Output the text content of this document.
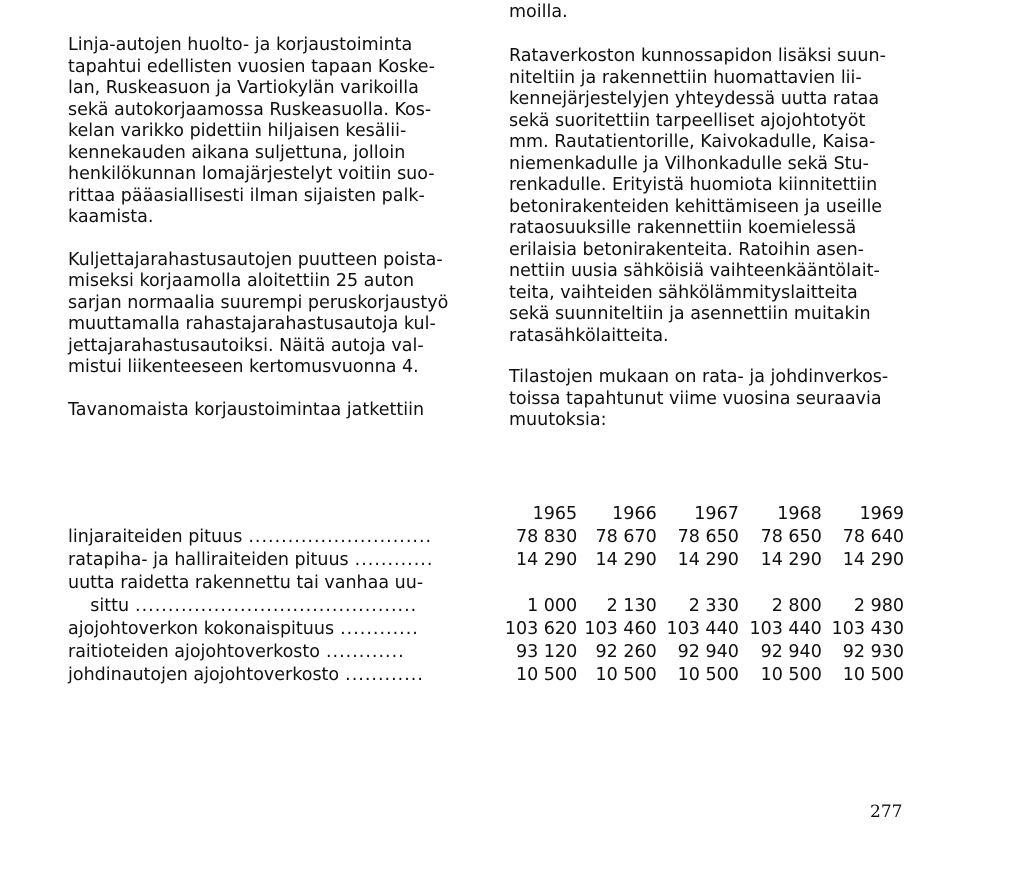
moilla.

Linja-autojen huolto- ja korjaustoiminta
tapahtui edellisten vuosien tapaan Koske-
lan, Ruskeasuon ja Vartiokylän varikoilla
sekä autokorjaamossa Ruskeasuolla. Kos-
kelan varikko pidettiin hiljaisen kesälii-
kennekauden aikana suljettuna, jolloin
henkilökunnan lomajärjestelyt voitiin suo-
rittaa pääasiallisesti ilman sijaisten palk-
kaamista.

Kuljettajarahastusautojen puutteen poista-
miseksi korjaamolla aloitettiin 25 auton
sarjan normaalia suurempi peruskorjaustyö
muuttamalla rahastajarahastusautoja kul-
jettajarahastusautoiksi. Näitä autoja val-
mistui liikenteeseen kertomusvuonna 4.

Tavanomaista korjaustoimintaa jatkettiin

Rataverkoston kunnossapidon lisäksi suun-
niteltiin ja rakennettiin huomattavien lii-
kennejärjestelyjen yhteydessä uutta rataa
sekä suoritettiin tarpeelliset ajojohtotyöt
mm. Rautatientorille, Kaivokadulle, Kaisa-
niemenkadulle ja Vilhonkadulle sekä Stu-
renkadulle. Erityistä huomiota kiinnitettiin
betonirakenteiden kehittämiseen ja useille
rataosuuksille rakennettiin koemielessä
erilaisia betonirakenteita. Ratoihin asen-
nettiin uusia sähköisiä vaihteenkääntölait-
teita, vaihteiden sähkölämmityslaitteita
sekä suunniteltiin ja asennettiin muitakin
ratasähkölaitteita.

Tilastojen mukaan on rata- ja johdinverkos-
toissa tapahtunut viime vuosina seuraavia
muutoksia:

	1965	1966	1967	1968	1969

linjaraiteiden pituus ............................	78 830	78 670	78 650	78 650	78 640

ratapiha- ja halliraiteiden pituus ............	14 290	14 290	14 290	14 290	14 290

uutta raidetta rakennettu tai vanhaa uu-					

sittu ...........................................	1 000	2 130	2 330	2 800	2 980

ajojohtoverkon kokonaispituus ............	103 620	103 460	103 440	103 440	103 430

raitioteiden ajojohtoverkosto ............	93 120	92 260	92 940	92 940	92 930

johdinautojen ajojohtoverkosto ............	10 500	10 500	10 500	10 500	10 500
277
